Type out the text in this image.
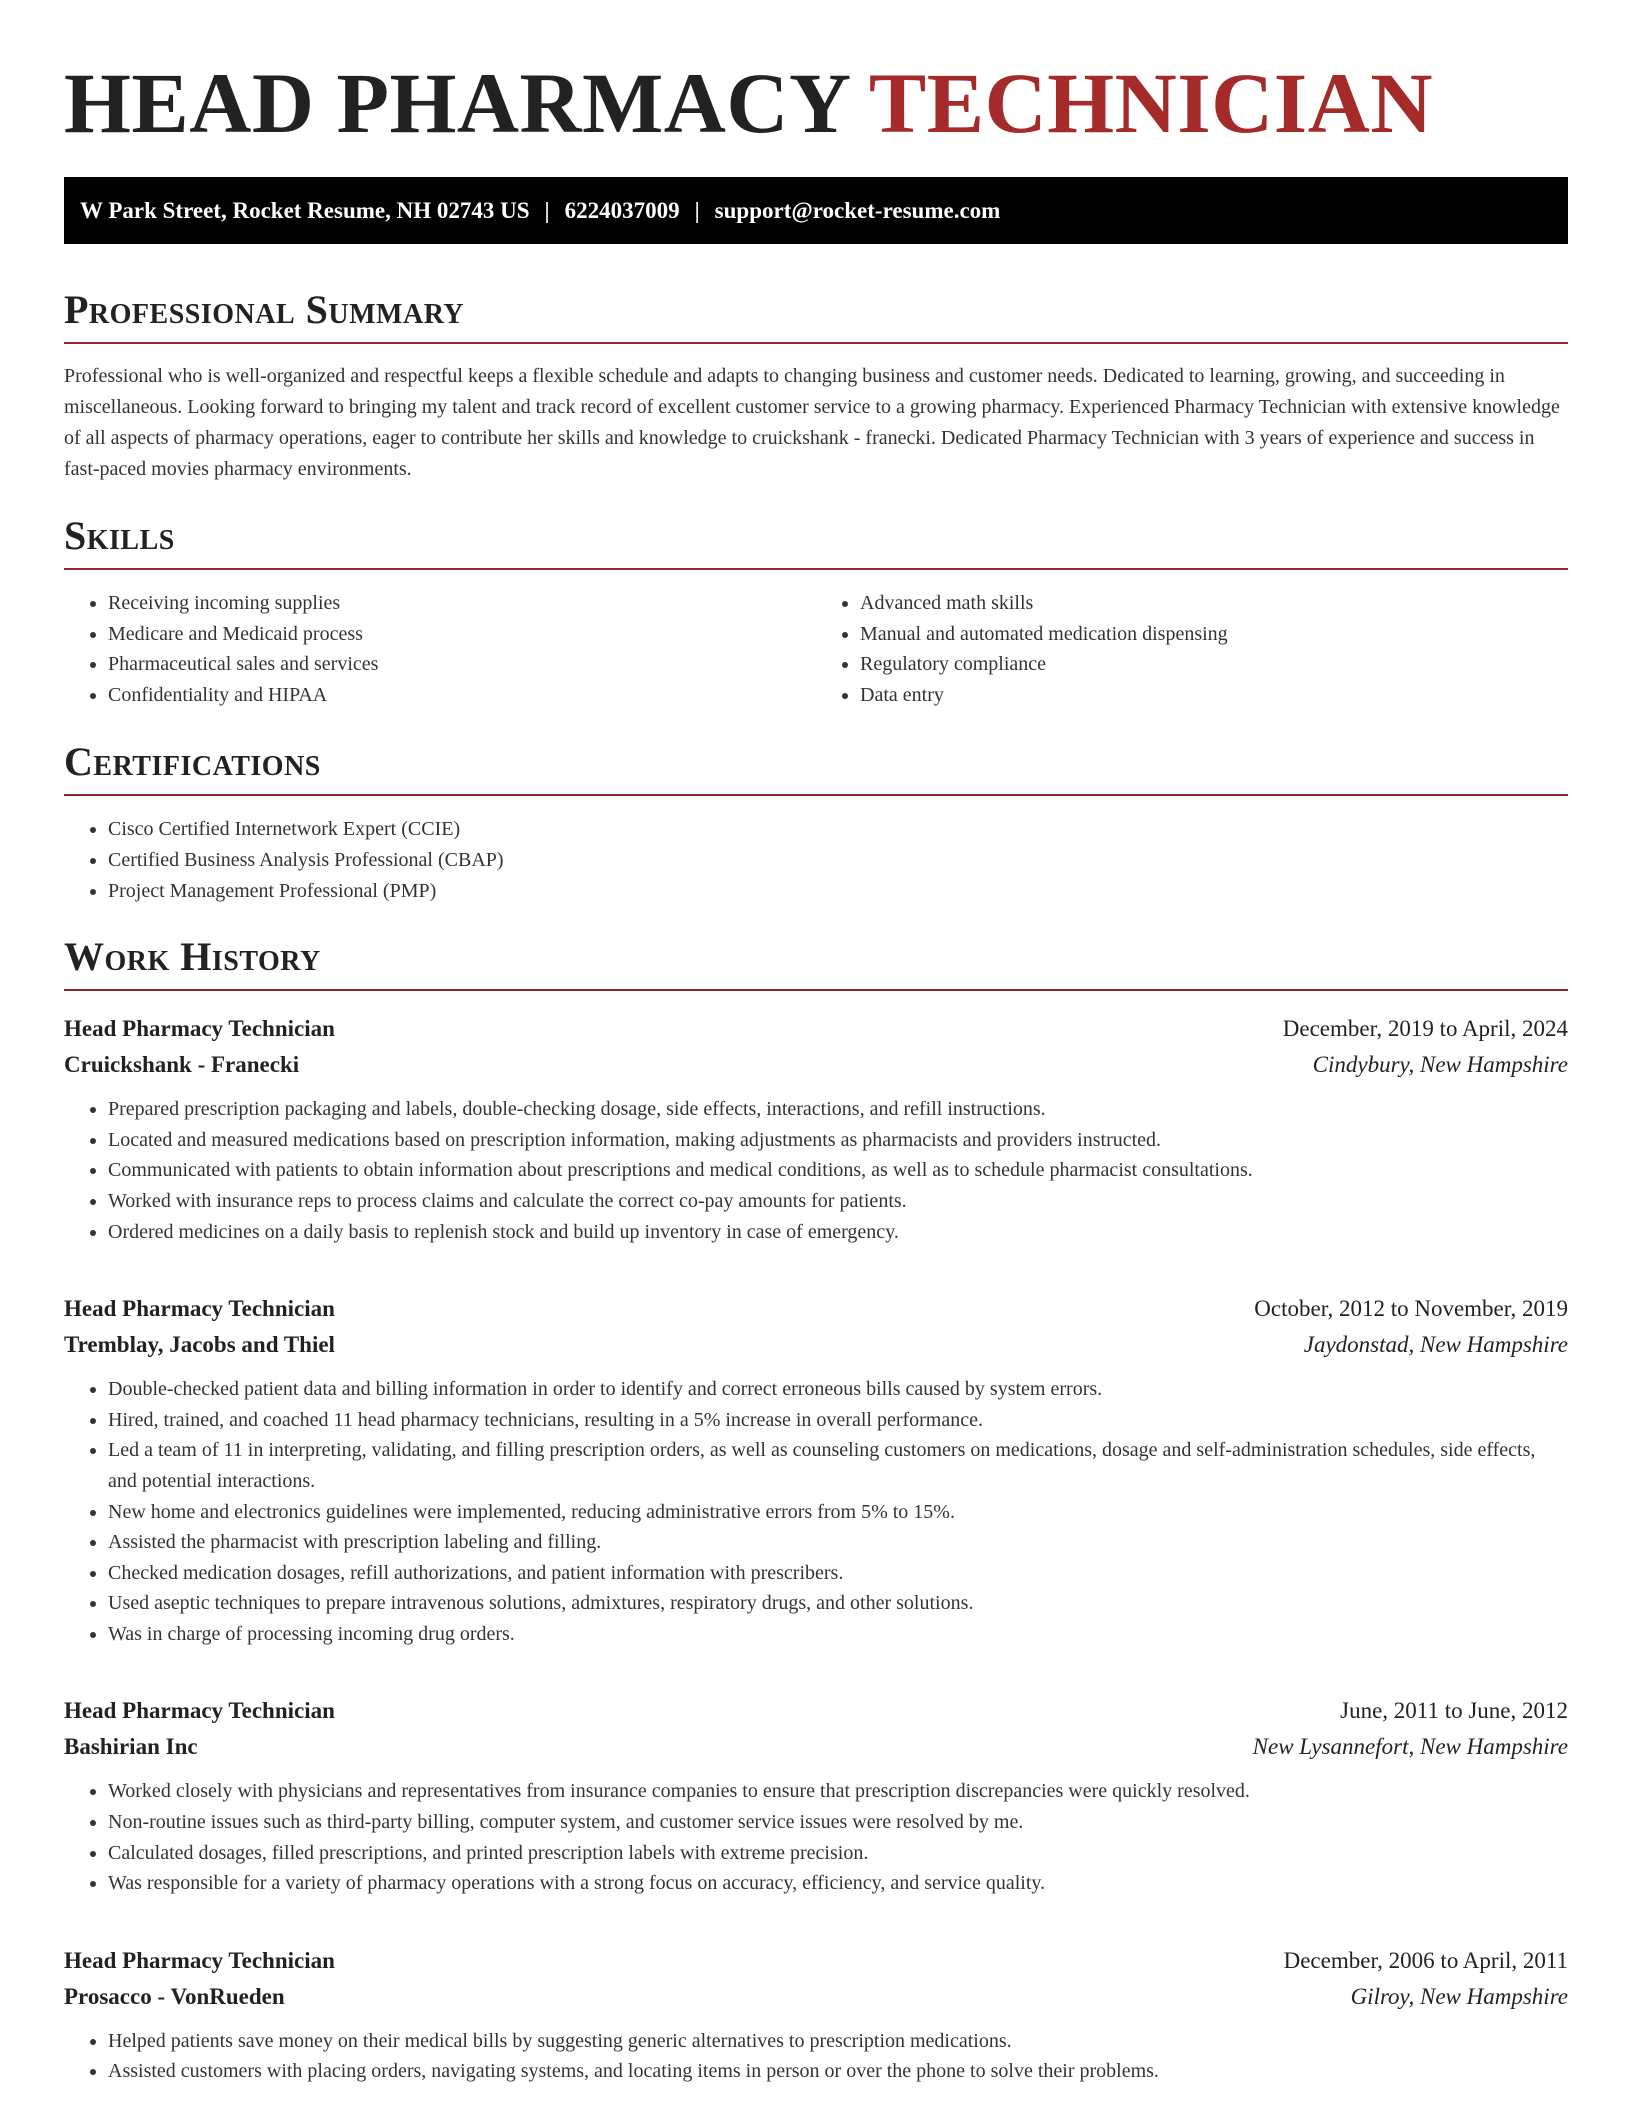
HEAD PHARMACY TECHNICIAN
W Park Street, Rocket Resume, NH 02743 US | 6224037009 | support@rocket-resume.com
Professional Summary

Professional who is well-organized and respectful keeps a flexible schedule and adapts to changing business and customer needs. Dedicated to learning, growing, and succeeding in miscellaneous. Looking forward to bringing my talent and track record of excellent customer service to a growing pharmacy. Experienced Pharmacy Technician with extensive knowledge of all aspects of pharmacy operations, eager to contribute her skills and knowledge to cruickshank - franecki. Dedicated Pharmacy Technician with 3 years of experience and success in fast-paced movies pharmacy environments.

Skills
• Receiving incoming supplies
• Medicare and Medicaid process
• Pharmaceutical sales and services
• Confidentiality and HIPAA
• Advanced math skills
• Manual and automated medication dispensing
• Regulatory compliance
• Data entry
Certifications
• Cisco Certified Internetwork Expert (CCIE)
• Certified Business Analysis Professional (CBAP)
• Project Management Professional (PMP)
Work History
Head Pharmacy Technician	December, 2019 to April, 2024
Cruickshank - Franecki	Cindybury, New Hampshire
• Prepared prescription packaging and labels, double-checking dosage, side effects, interactions, and refill instructions.
• Located and measured medications based on prescription information, making adjustments as pharmacists and providers instructed.
• Communicated with patients to obtain information about prescriptions and medical conditions, as well as to schedule pharmacist consultations.
• Worked with insurance reps to process claims and calculate the correct co-pay amounts for patients.
• Ordered medicines on a daily basis to replenish stock and build up inventory in case of emergency.
Head Pharmacy Technician	October, 2012 to November, 2019
Tremblay, Jacobs and Thiel	Jaydonstad, New Hampshire
• Double-checked patient data and billing information in order to identify and correct erroneous bills caused by system errors.
• Hired, trained, and coached 11 head pharmacy technicians, resulting in a 5% increase in overall performance.
• Led a team of 11 in interpreting, validating, and filling prescription orders, as well as counseling customers on medications, dosage and self-administration schedules, side effects, and potential interactions.
• New home and electronics guidelines were implemented, reducing administrative errors from 5% to 15%.
• Assisted the pharmacist with prescription labeling and filling.
• Checked medication dosages, refill authorizations, and patient information with prescribers.
• Used aseptic techniques to prepare intravenous solutions, admixtures, respiratory drugs, and other solutions.
• Was in charge of processing incoming drug orders.
Head Pharmacy Technician	June, 2011 to June, 2012
Bashirian Inc	New Lysannefort, New Hampshire
• Worked closely with physicians and representatives from insurance companies to ensure that prescription discrepancies were quickly resolved.
• Non-routine issues such as third-party billing, computer system, and customer service issues were resolved by me.
• Calculated dosages, filled prescriptions, and printed prescription labels with extreme precision.
• Was responsible for a variety of pharmacy operations with a strong focus on accuracy, efficiency, and service quality.
Head Pharmacy Technician	December, 2006 to April, 2011
Prosacco - VonRueden	Gilroy, New Hampshire
• Helped patients save money on their medical bills by suggesting generic alternatives to prescription medications.
• Assisted customers with placing orders, navigating systems, and locating items in person or over the phone to solve their problems.
